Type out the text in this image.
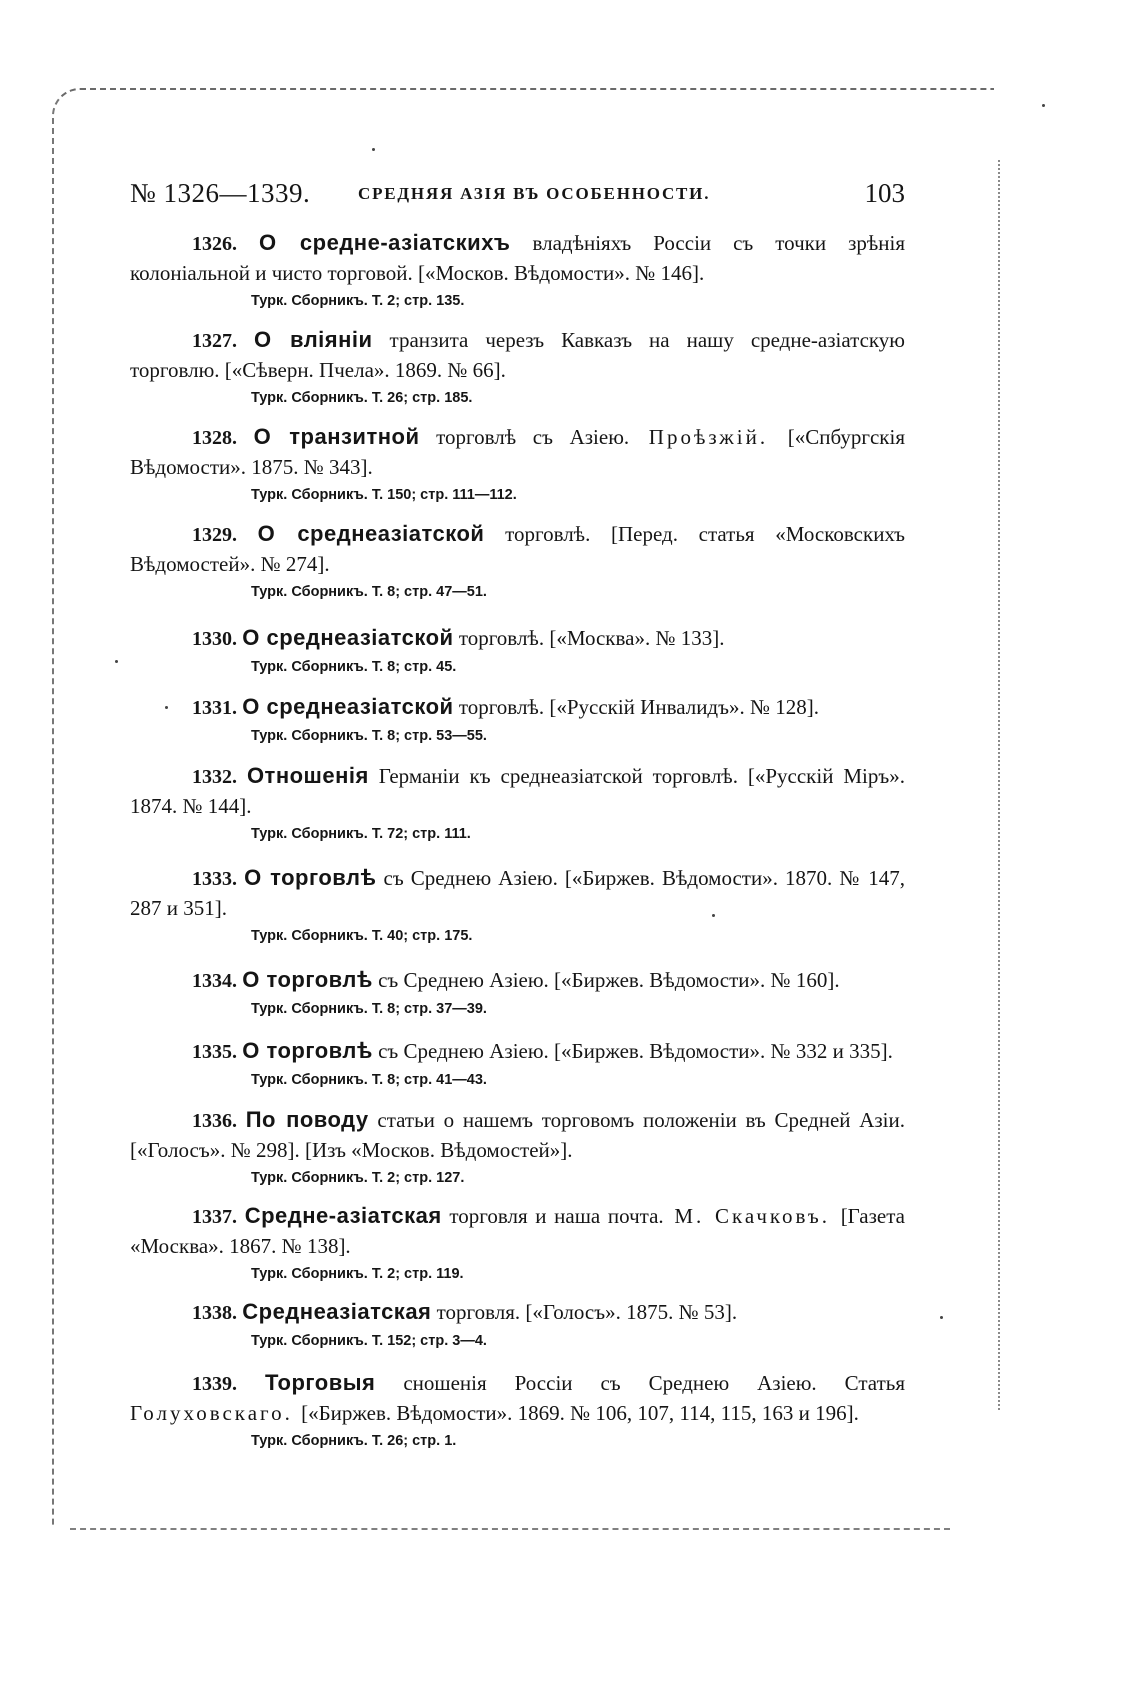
№ 1326—1339.	СРЕДНЯЯ АЗІЯ ВЪ ОСОБЕННОСТИ.	103

1326. О средне-азіатскихъ владѣніяхъ Россіи съ точки зрѣнія колоніальной и чисто торговой. [«Москов. Вѣдомости». № 146].

Турк. Сборникъ. Т. 2; стр. 135.

1327. О вліяніи транзита черезъ Кавказъ на нашу средне-азіатскую торговлю. [«Сѣверн. Пчела». 1869. № 66].

Турк. Сборникъ. Т. 26; стр. 185.

1328. О транзитной торговлѣ съ Азіею. Проѣзжій. [«Спбургскія Вѣдомости». 1875. № 343].

Турк. Сборникъ. Т. 150; стр. 111—112.

1329. О среднеазіатской торговлѣ. [Перед. статья «Московскихъ Вѣдомостей». № 274].

Турк. Сборникъ. Т. 8; стр. 47—51.

1330. О среднеазіатской торговлѣ. [«Москва». № 133].

Турк. Сборникъ. Т. 8; стр. 45.

1331. О среднеазіатской торговлѣ. [«Русскій Инвалидъ». № 128].

Турк. Сборникъ. Т. 8; стр. 53—55.

1332. Отношенія Германіи къ среднеазіатской торговлѣ. [«Русскій Міръ». 1874. № 144].

Турк. Сборникъ. Т. 72; стр. 111.

1333. О торговлѣ съ Среднею Азіею. [«Биржев. Вѣдомости». 1870. № 147, 287 и 351].

Турк. Сборникъ. Т. 40; стр. 175.

1334. О торговлѣ съ Среднею Азіею. [«Биржев. Вѣдомости». № 160].

Турк. Сборникъ. Т. 8; стр. 37—39.

1335. О торговлѣ съ Среднею Азіею. [«Биржев. Вѣдомости». № 332 и 335].

Турк. Сборникъ. Т. 8; стр. 41—43.

1336. По поводу статьи о нашемъ торговомъ положеніи въ Средней Азіи. [«Голосъ». № 298]. [Изъ «Москов. Вѣдомостей»].

Турк. Сборникъ. Т. 2; стр. 127.

1337. Средне-азіатская торговля и наша почта. М. Скачковъ. [Газета «Москва». 1867. № 138].

Турк. Сборникъ. Т. 2; стр. 119.

1338. Среднеазіатская торговля. [«Голосъ». 1875. № 53].

Турк. Сборникъ. Т. 152; стр. 3—4.

1339. Торговыя сношенія Россіи съ Среднею Азіею. Статья Голуховскаго. [«Биржев. Вѣдомости». 1869. № 106, 107, 114, 115, 163 и 196].

Турк. Сборникъ. Т. 26; стр. 1.
